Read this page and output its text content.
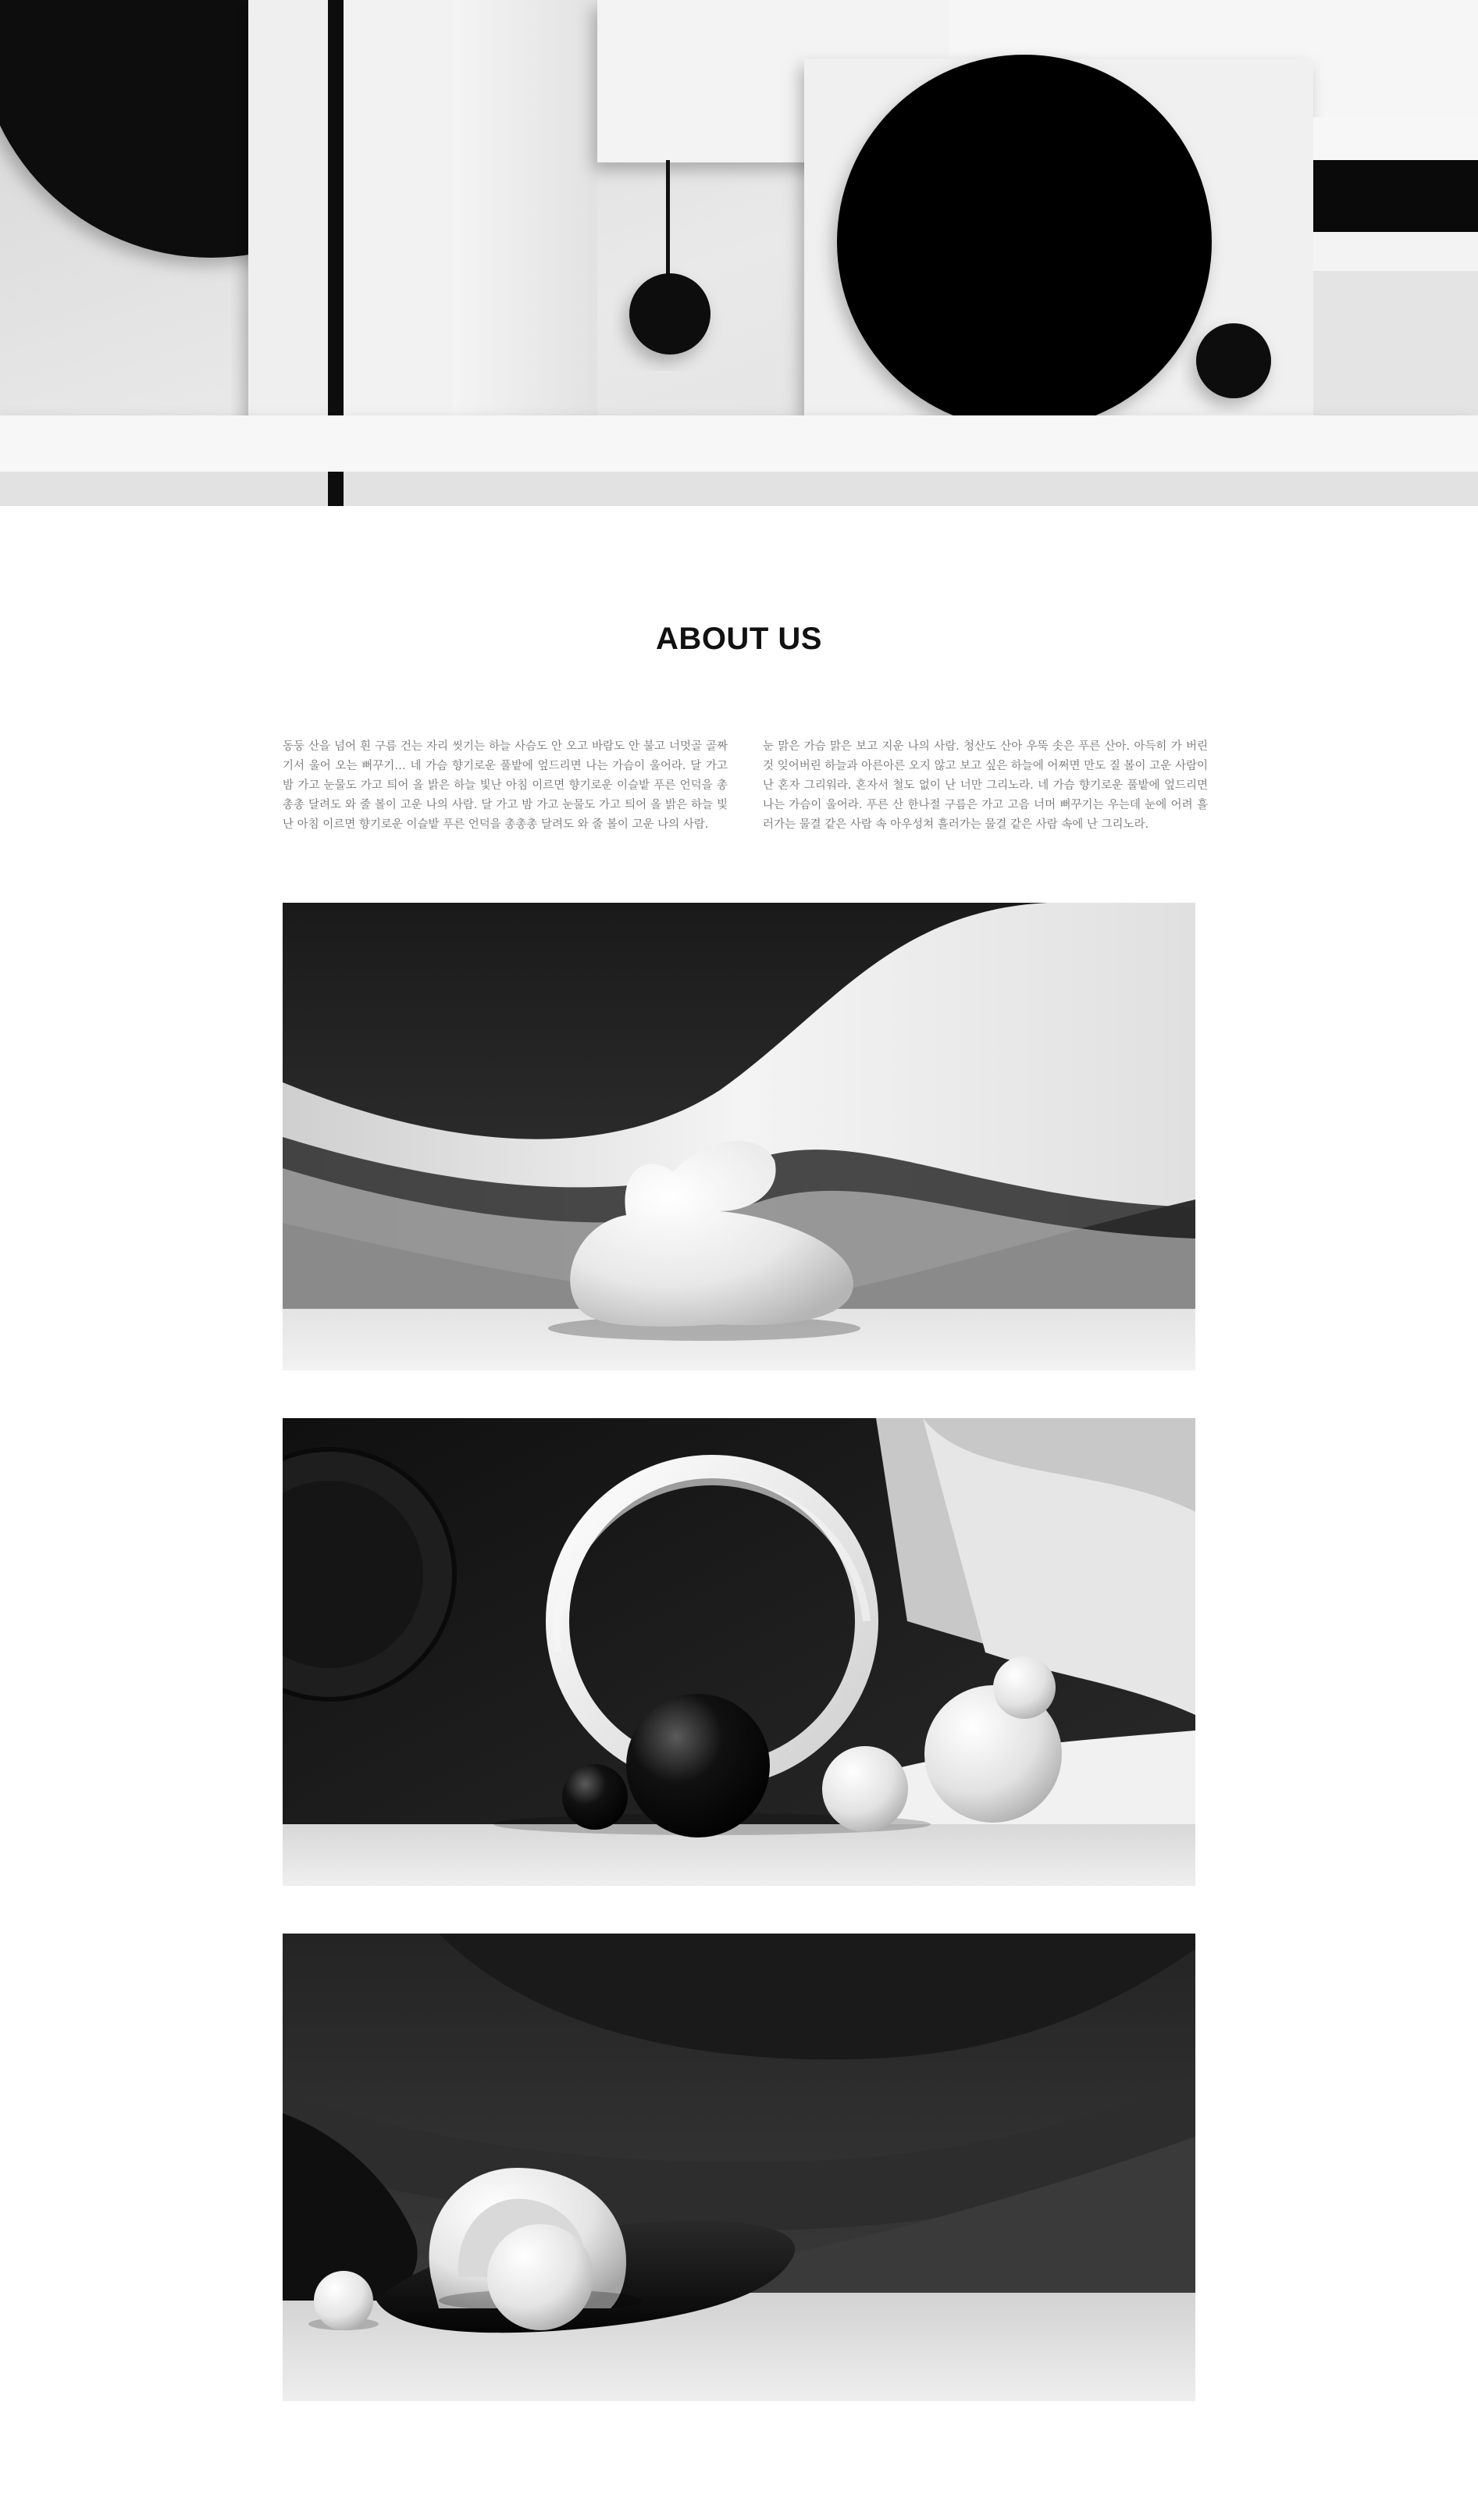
ABOUT US

동둥 산을 넘어 흰 구름 건는 자리 씻기는 하늘 사슴도 안 오고 바람도 안 불고 너멋골 골짜기서 울어 오는 뻐꾸기… 네 가슴 향기로운 풀밭에 엎드리면 나는 가슴이 울어라. 달 가고 밤 가고 눈물도 가고 틔어 올 밝은 하늘 빛난 아침 이르면 향기로운 이슬밭 푸른 언덕을 총총총 달려도 와 줄 볼이 고운 나의 사람. 달 가고 밤 가고 눈물도 가고 틔어 올 밝은 하늘 빛난 아침 이르면 향기로운 이슬밭 푸른 언덕을 총총총 달려도 와 줄 볼이 고운 나의 사람.

눈 맑은 가슴 맑은 보고 지운 나의 사람. 청산도 산아 우뚝 솟은 푸른 산아. 아득히 가 버린 것 잊어버린 하늘과 아른아른 오지 않고 보고 싶은 하늘에 어쩌면 만도 질 볼이 고운 사람이 난 혼자 그리워라. 혼자서 철도 없이 난 너만 그리노라. 네 가슴 향기로운 풀밭에 엎드리면 나는 가슴이 울어라. 푸른 산 한나절 구름은 가고 고음 너머 뻐꾸기는 우는데 눈에 어려 흘러가는 물결 같은 사람 속 아우성쳐 흘러가는 물결 같은 사람 속에 난 그리노라.
